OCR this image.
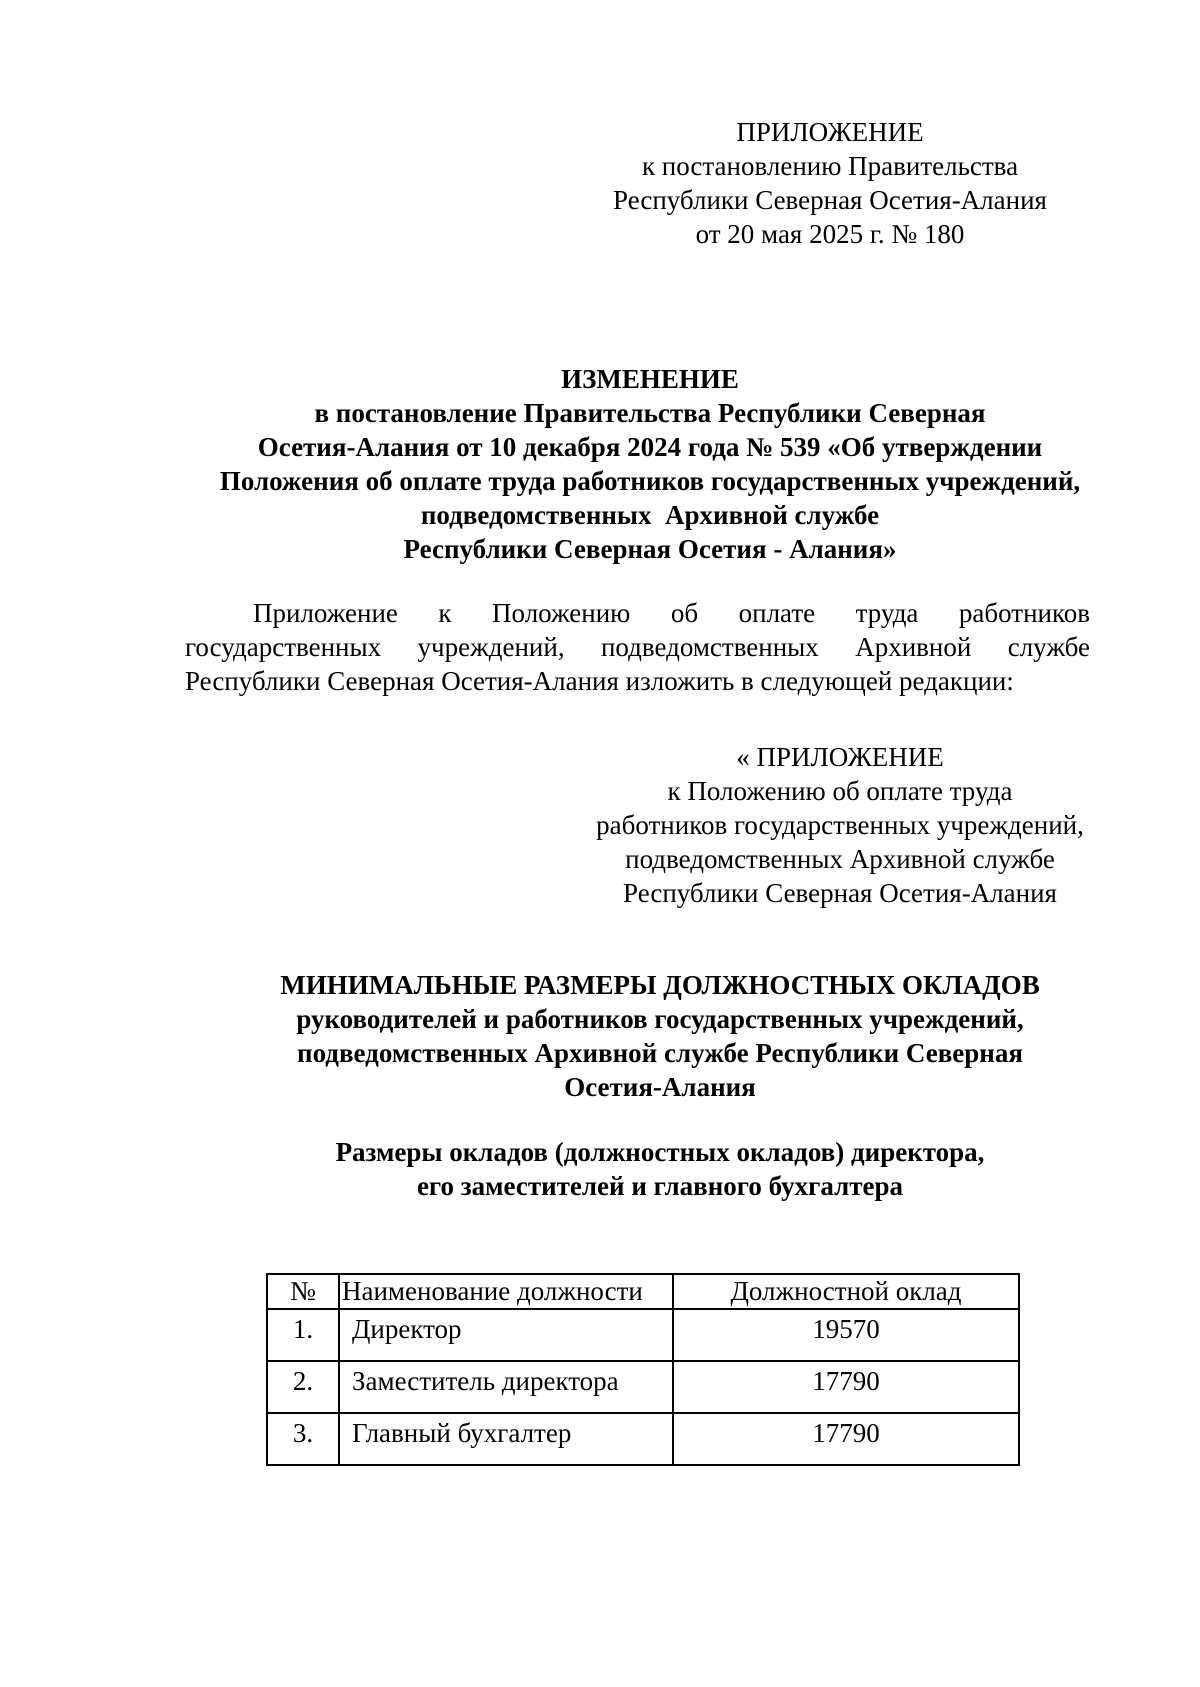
ПРИЛОЖЕНИЕ
к постановлению Правительства
Республики Северная Осетия-Алания
от 20 мая 2025 г. № 180
ИЗМЕНЕНИЕ
в постановление Правительства Республики Северная
Осетия-Алания от 10 декабря 2024 года № 539 «Об утверждении
Положения об оплате труда работников государственных учреждений,
подведомственных  Архивной службе
Республики Северная Осетия - Алания»
Приложение к Положению об оплате труда работников
государственных учреждений, подведомственных Архивной службе
Республики Северная Осетия-Алания изложить в следующей редакции:
« ПРИЛОЖЕНИЕ
к Положению об оплате труда
работников государственных учреждений,
подведомственных Архивной службе
Республики Северная Осетия-Алания
МИНИМАЛЬНЫЕ РАЗМЕРЫ ДОЛЖНОСТНЫХ ОКЛАДОВ
руководителей и работников государственных учреждений,
подведомственных Архивной службе Республики Северная
Осетия-Алания
Размеры окладов (должностных окладов) директора,
его заместителей и главного бухгалтера
№	Наименование должности	Должностной оклад
1.	Директор	19570
2.	Заместитель директора	17790
3.	Главный бухгалтер	17790
